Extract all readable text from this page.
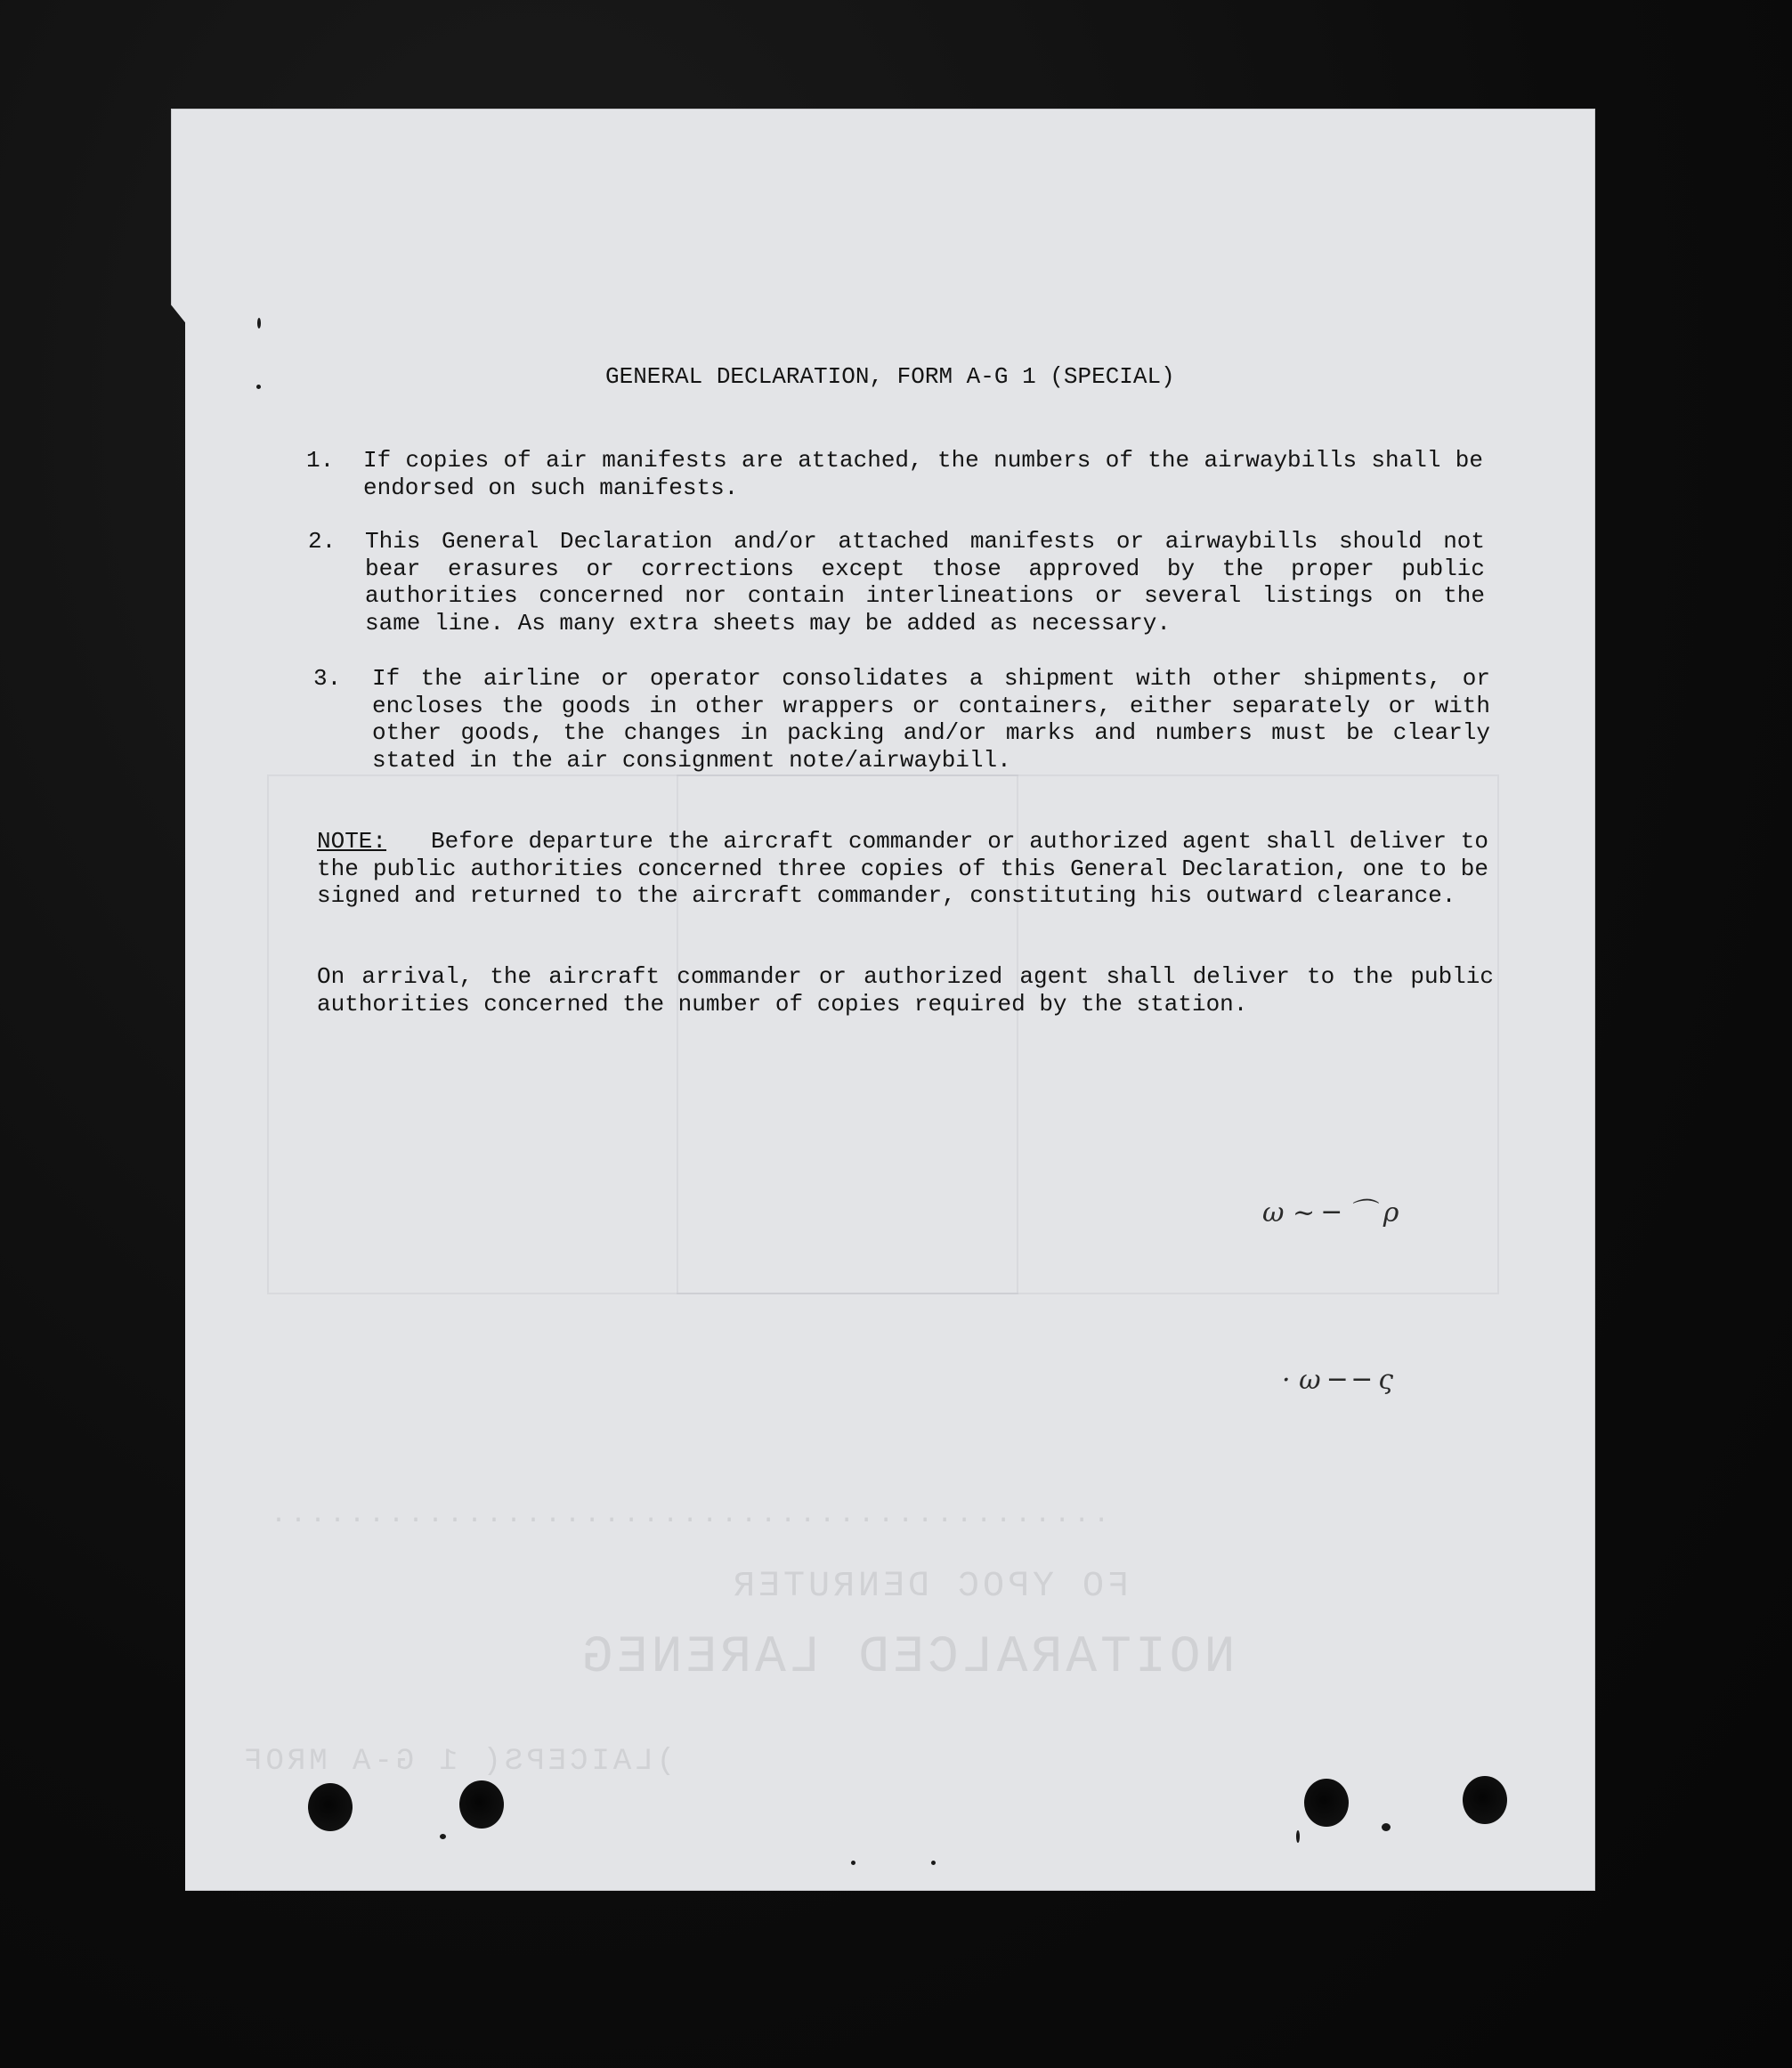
NOITARALCED LARENEG
FO YPOC DENRUTER
)LAICEPS( 1 G-A MROF
...........................................
GENERAL DECLARATION, FORM A-G 1 (SPECIAL)
1. If copies of air manifests are attached, the numbers of the airwaybills shall be endorsed on such manifests.
2. This General Declaration and/or attached manifests or airwaybills should not bear erasures or corrections except those approved by the proper public authorities concerned nor contain interlineations or several listings on the same line. As many extra sheets may be added as necessary.
3. If the airline or operator consolidates a shipment with other shipments, or encloses the goods in other wrappers or containers, either separately or with other goods, the changes in packing and/or marks and numbers must be clearly stated in the air consignment note/airwaybill.
NOTE: Before departure the aircraft commander or authorized agent shall deliver to the public authorities concerned three copies of this General Declaration, one to be signed and returned to the aircraft commander, constituting his outward clearance.
On arrival, the aircraft commander or authorized agent shall deliver to the public authorities concerned the number of copies required by the station.
ω ~ ─ ⌒ ρ
· ω ─ ─ ς
